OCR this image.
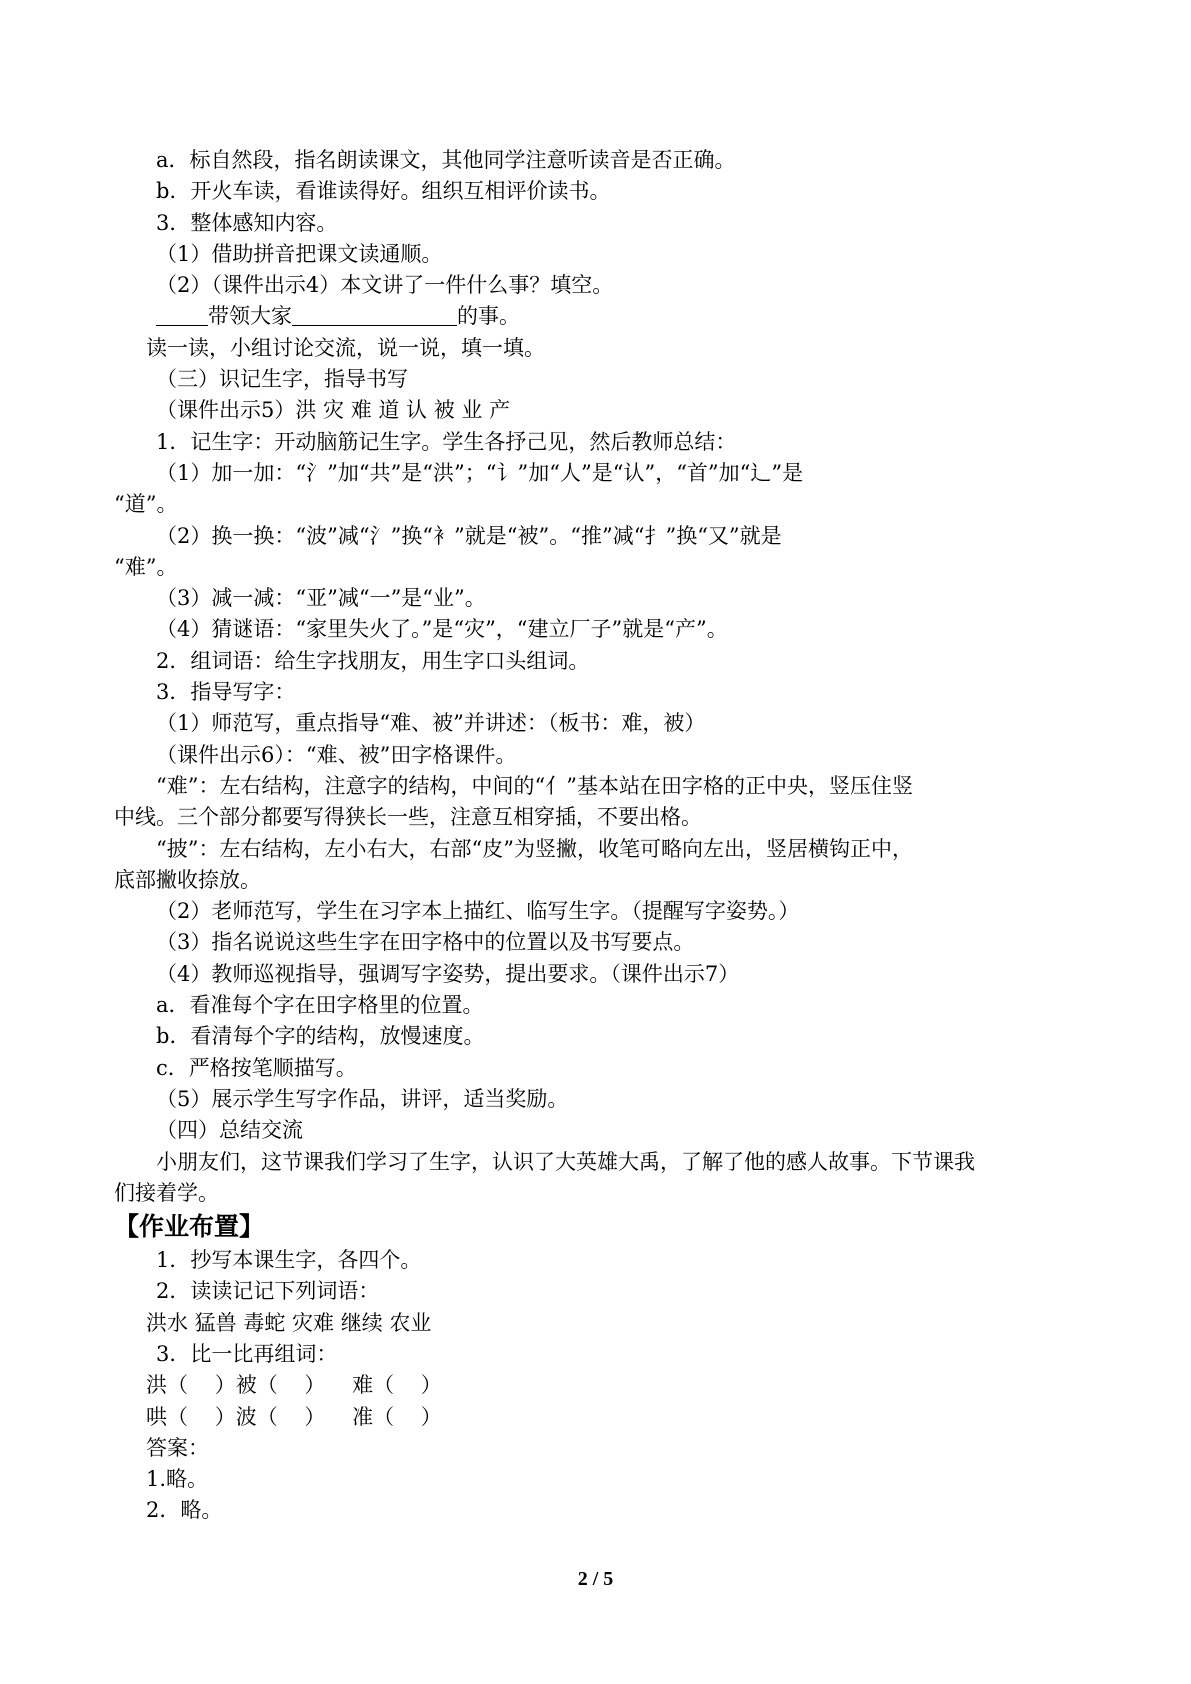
a．标自然段，指名朗读课文，其他同学注意听读音是否正确。
b．开火车读，看谁读得好。组织互相评价读书。
3．整体感知内容。
（1）借助拼音把课文读通顺。
（2）（课件出示4）本文讲了一件什么事？填空。
带领大家	的事。
读一读，小组讨论交流，说一说，填一填。
（三）识记生字，指导书写
（课件出示5）洪 灾 难 道 认 被 业 产
1．记生字：开动脑筋记生字。学生各抒己见，然后教师总结：
（1）加一加：“氵”加“共”是“洪”；“讠”加“人”是“认”，“首”加“辶”是
“道”。
（2）换一换：“波”减“氵”换“衤”就是“被”。“推”减“扌”换“又”就是
“难”。
（3）减一减：“亚”减“一”是“业”。
（4）猜谜语：“家里失火了。”是“灾”，“建立厂子”就是“产”。
2．组词语：给生字找朋友，用生字口头组词。
3．指导写字：
（1）师范写，重点指导“难、被”并讲述：（板书：难，被）
（课件出示6）：“难、被”田字格课件。
“难”：左右结构，注意字的结构，中间的“亻”基本站在田字格的正中央，竖压住竖
中线。三个部分都要写得狭长一些，注意互相穿插，不要出格。
“披”：左右结构，左小右大，右部“皮”为竖撇，收笔可略向左出，竖居横钩正中，
底部撇收捺放。
（2）老师范写，学生在习字本上描红、临写生字。（提醒写字姿势。）
（3）指名说说这些生字在田字格中的位置以及书写要点。
（4）教师巡视指导，强调写字姿势，提出要求。（课件出示7）
a．看准每个字在田字格里的位置。
b．看清每个字的结构，放慢速度。
c．严格按笔顺描写。
（5）展示学生写字作品，讲评，适当奖励。
（四）总结交流
小朋友们，这节课我们学习了生字，认识了大英雄大禹，了解了他的感人故事。下节课我
们接着学。
【作业布置】
1．抄写本课生字，各四个。
2．读读记记下列词语：
洪水 猛兽 毒蛇 灾难 继续 农业
3．比一比再组词：
洪（    ）被（    ）    难（    ）
哄（    ）波（    ）    准（    ）
答案：
1.略。
2．略。
2 / 5
